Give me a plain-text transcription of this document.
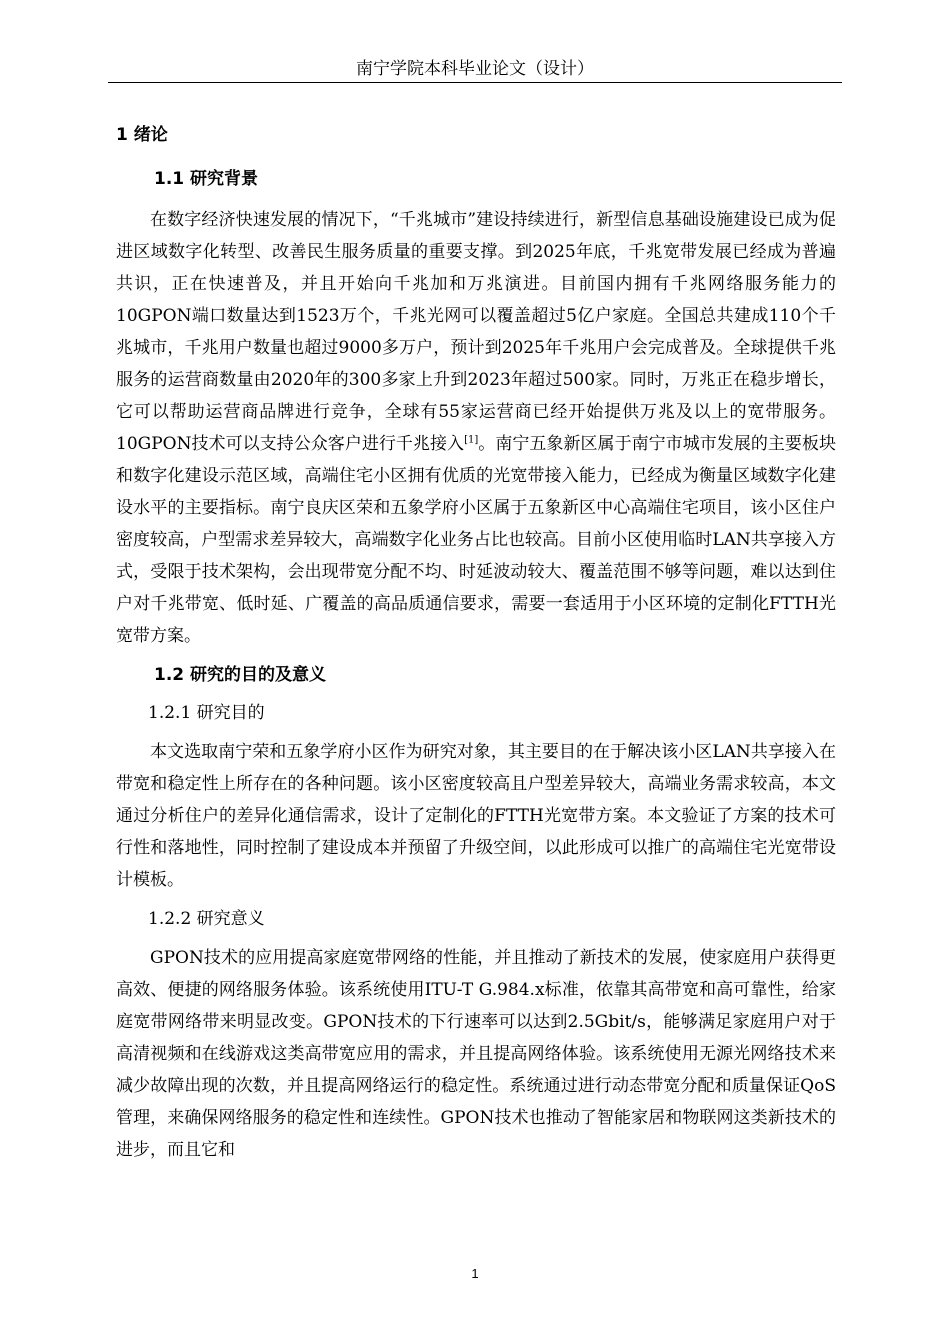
南宁学院本科毕业论文（设计）
1 绪论
1.1 研究背景

在数字经济快速发展的情况下，“千兆城市”建设持续进行，新型信息基础设施建设已成为促进区域数字化转型、改善民生服务质量的重要支撑。到2025年底，千兆宽带发展已经成为普遍共识，正在快速普及，并且开始向千兆加和万兆演进。目前国内拥有千兆网络服务能力的10GPON端口数量达到1523万个，千兆光网可以覆盖超过5亿户家庭。全国总共建成110个千兆城市，千兆用户数量也超过9000多万户，预计到2025年千兆用户会完成普及。全球提供千兆服务的运营商数量由2020年的300多家上升到2023年超过500家。同时，万兆正在稳步增长，它可以帮助运营商品牌进行竞争，全球有55家运营商已经开始提供万兆及以上的宽带服务。10GPON技术可以支持公众客户进行千兆接入[1]。南宁五象新区属于南宁市城市发展的主要板块和数字化建设示范区域，高端住宅小区拥有优质的光宽带接入能力，已经成为衡量区域数字化建设水平的主要指标。南宁良庆区荣和五象学府小区属于五象新区中心高端住宅项目，该小区住户密度较高，户型需求差异较大，高端数字化业务占比也较高。目前小区使用临时LAN共享接入方式，受限于技术架构，会出现带宽分配不均、时延波动较大、覆盖范围不够等问题，难以达到住户对千兆带宽、低时延、广覆盖的高品质通信要求，需要一套适用于小区环境的定制化FTTH光宽带方案。

1.2 研究的目的及意义
1.2.1 研究目的

本文选取南宁荣和五象学府小区作为研究对象，其主要目的在于解决该小区LAN共享接入在带宽和稳定性上所存在的各种问题。该小区密度较高且户型差异较大，高端业务需求较高，本文通过分析住户的差异化通信需求，设计了定制化的FTTH光宽带方案。本文验证了方案的技术可行性和落地性，同时控制了建设成本并预留了升级空间，以此形成可以推广的高端住宅光宽带设计模板。

1.2.2 研究意义

GPON技术的应用提高家庭宽带网络的性能，并且推动了新技术的发展，使家庭用户获得更高效、便捷的网络服务体验。该系统使用ITU-T G.984.x标准，依靠其高带宽和高可靠性，给家庭宽带网络带来明显改变。GPON技术的下行速率可以达到2.5Gbit/s，能够满足家庭用户对于高清视频和在线游戏这类高带宽应用的需求，并且提高网络体验。该系统使用无源光网络技术来减少故障出现的次数，并且提高网络运行的稳定性。系统通过进行动态带宽分配和质量保证QoS管理，来确保网络服务的稳定性和连续性。GPON技术也推动了智能家居和物联网这类新技术的进步，而且它和

1
